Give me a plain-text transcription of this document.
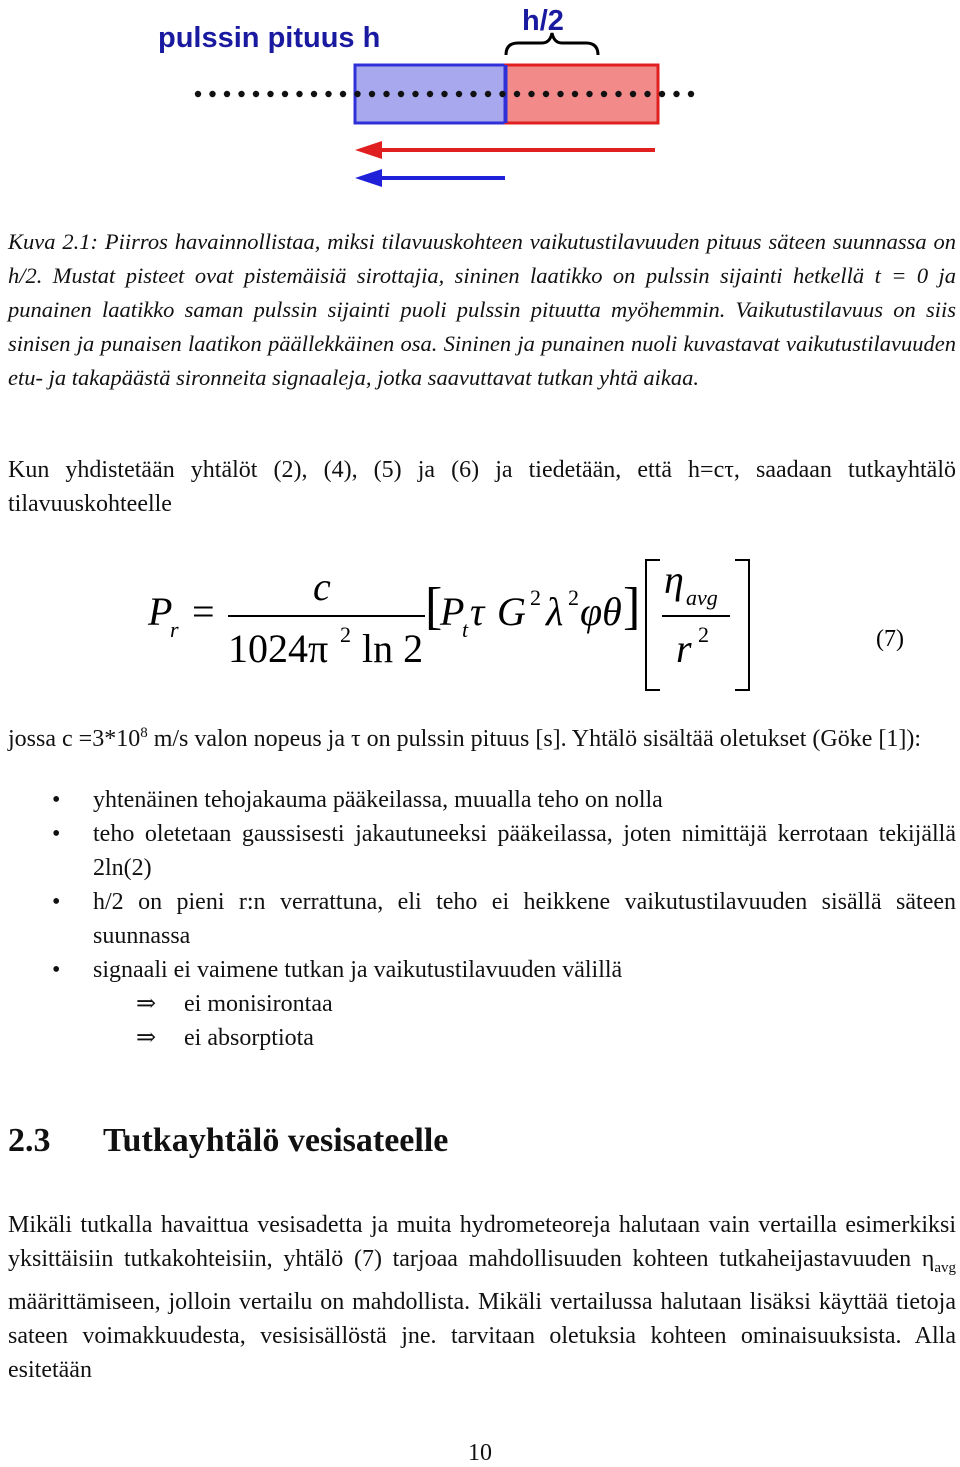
pulssin pituus h
h/2
Kuva 2.1: Piirros havainnollistaa, miksi tilavuuskohteen vaikutustilavuuden pituus säteen suunnassa on h/2. Mustat pisteet ovat pistemäisiä sirottajia, sininen laatikko on pulssin sijainti hetkellä t = 0 ja punainen laatikko saman pulssin sijainti puoli pulssin pituutta myöhemmin. Vaikutustilavuus on siis sinisen ja punaisen laatikon päällekkäinen osa. Sininen ja punainen nuoli kuvastavat vaikutustilavuuden etu- ja takapäästä sironneita signaaleja, jotka saavuttavat tutkan yhtä aikaa.
Kun yhdistetään yhtälöt (2), (4), (5) ja (6) ja tiedetään, että h=cτ, saadaan tutkayhtälö tilavuuskohteelle
P
r =
c
1024π 2 ln 2
[
P
t τ G 2 λ 2 φθ ] η avg
r 2	(7)
jossa $c =3*10^8$ m/s valon nopeus ja τ on pulssin pituus [s]. Yhtälö sisältää oletukset (Göke [1]):
• yhtenäinen tehojakauma pääkeilassa, muualla teho on nolla
• teho oletetaan gaussisesti jakautuneeksi pääkeilassa, joten nimittäjä kerrotaan tekijällä 2ln(2)
• h/2 on pieni r:n verrattuna, eli teho ei heikkene vaikutustilavuuden sisällä säteen suunnassa
• signaali ei vaimene tutkan ja vaikutustilavuuden välillä
⇒ ei monisirontaa
⇒ ei absorptiota
2.3 Tutkayhtälö vesisateelle
Mikäli tutkalla havaittua vesisadetta ja muita hydrometeoreja halutaan vain vertailla esimerkiksi yksittäisiin tutkakohteisiin, yhtälö (7) tarjoaa mahdollisuuden kohteen tutkaheijastavuuden $\eta_{avg}$ määrittämiseen, jolloin vertailu on mahdollista. Mikäli vertailussa halutaan lisäksi käyttää tietoja sateen voimakkuudesta, vesisisällöstä jne. tarvitaan oletuksia kohteen ominaisuuksista. Alla esitetään
10
